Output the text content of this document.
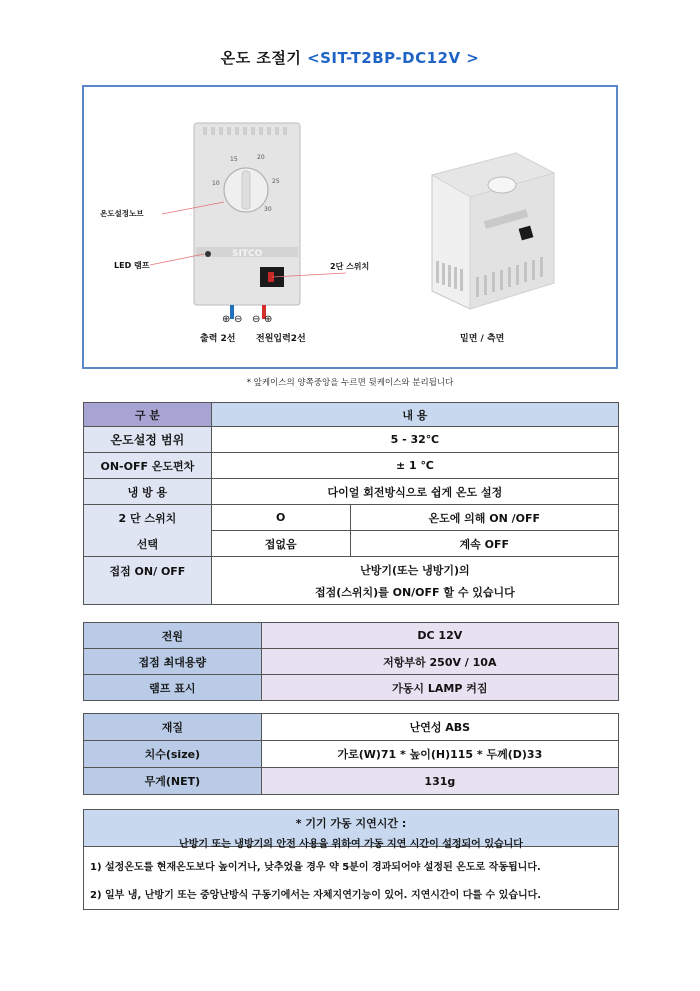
온도 조절기 <SIT-T2BP-DC12V >
15	20
25
30
10
SITCO
⊕ ⊖ ⊖ ⊕
온도설정노브
LED 램프	2단 스위치
출력 2선 전원입력2선	밑면 / 측면
* 앞케이스의 양쪽중앙을 누르면 뒷케이스와 분리됩니다
구 분	내 용	
온도설정 범위	5 - 32℃	
ON-OFF 온도편차	± 1 ℃	
냉 방 용	다이얼 회전방식으로 쉽게 온도 설정	

2 단 스위치
선택	O	온도에 의해 ON /OFF
	접없음	계속 OFF
접점 ON/ OFF	난방기(또는 냉방기)의
접점(스위치)를 ON/OFF 할 수 있습니다	
전원	DC 12V
접점 최대용량	저항부하 250V / 10A
램프 표시	가동시 LAMP 켜짐
재질	난연성 ABS
치수(size)	가로(W)71 * 높이(H)115 * 두께(D)33
무게(NET)	131g
* 기기 가동 지연시간 :
난방기 또는 냉방기의 안전 사용을 위하여 가동 지연 시간이 설정되어 있습니다
1) 설정온도를 현재온도보다 높이거나, 낮추었을 경우 약 5분이 경과되어야 설정된 온도로 작동됩니다.
2) 일부 냉, 난방기 또는 중앙난방식 구동기에서는 자체지연기능이 있어. 지연시간이 다를 수 있습니다.
